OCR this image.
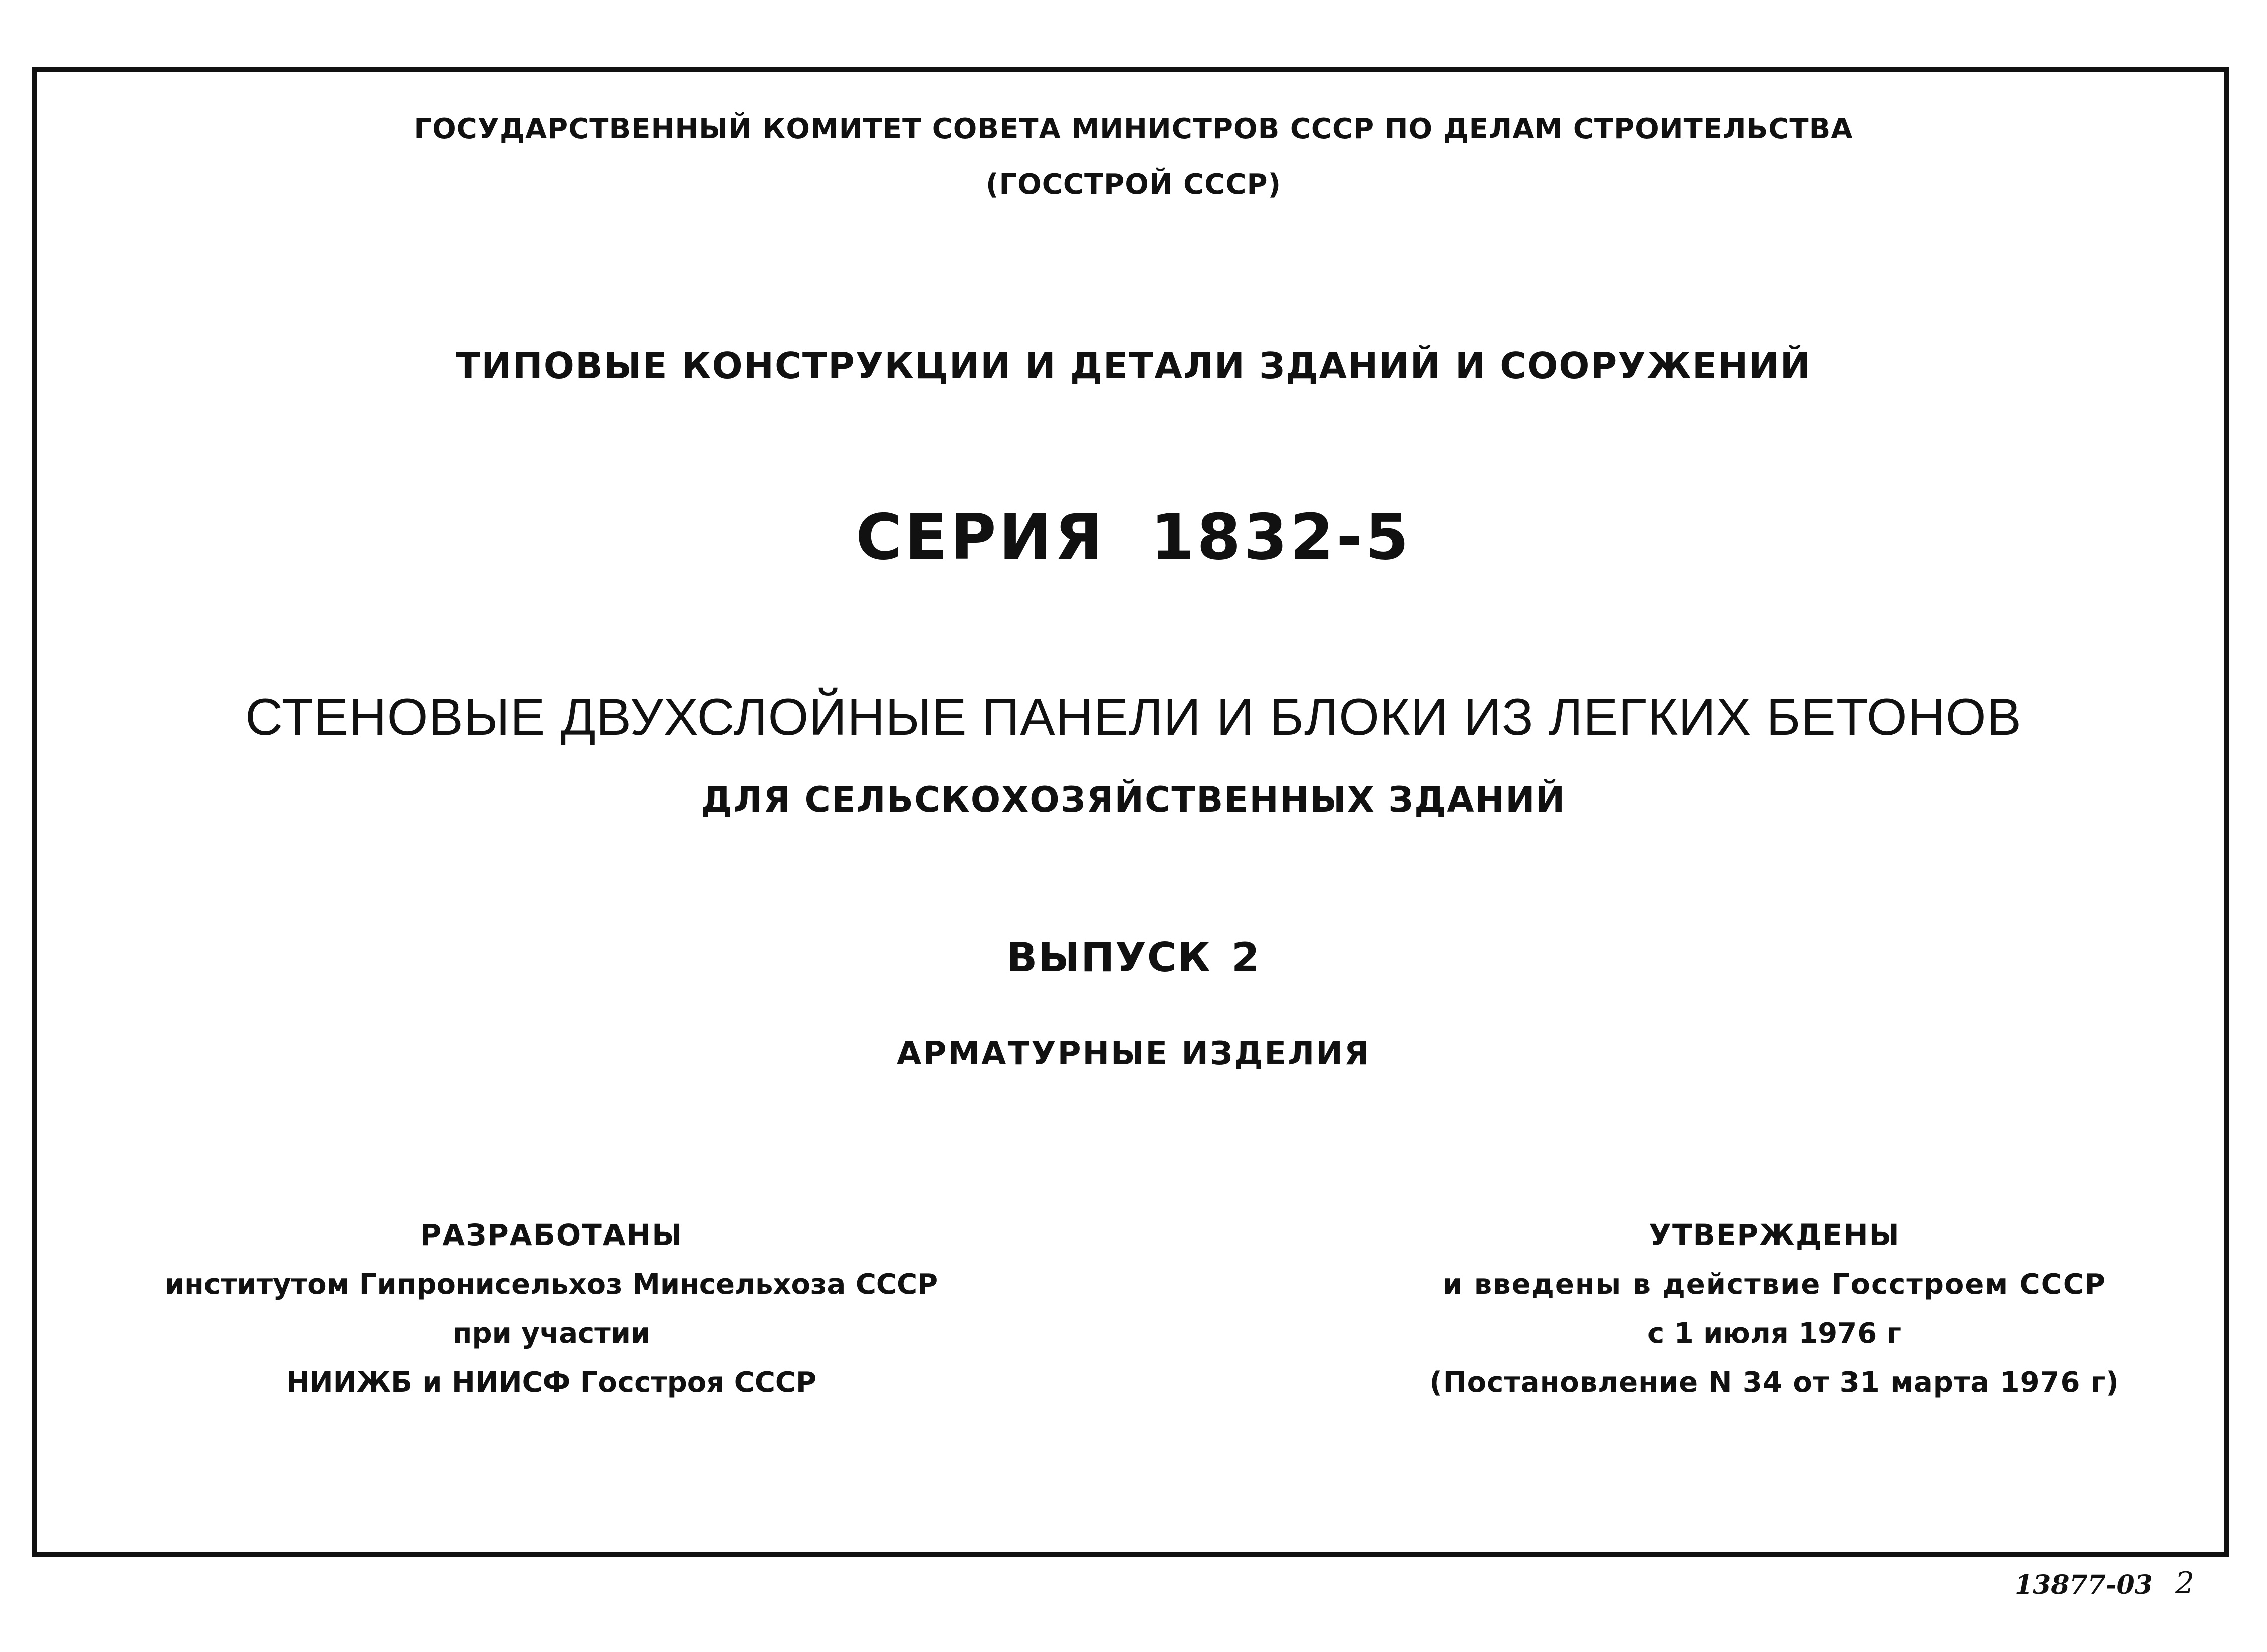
ГОСУДАРСТВЕННЫЙ КОМИТЕТ СОВЕТА МИНИСТРОВ СССР ПО ДЕЛАМ СТРОИТЕЛЬСТВА
(ГОССТРОЙ СССР)
ТИПОВЫЕ КОНСТРУКЦИИ И ДЕТАЛИ ЗДАНИЙ И СООРУЖЕНИЙ
СЕРИЯ 1832-5
СТЕНОВЫЕ ДВУХСЛОЙНЫЕ ПАНЕЛИ И БЛОКИ ИЗ ЛЕГКИХ БЕТОНОВ
ДЛЯ СЕЛЬСКОХОЗЯЙСТВЕННЫХ ЗДАНИЙ
ВЫПУСК 2
АРМАТУРНЫЕ ИЗДЕЛИЯ
РАЗРАБОТАНЫ
институтом Гипронисельхоз Минсельхоза СССР
при участии
НИИЖБ и НИИСФ Госстроя СССР
УТВЕРЖДЕНЫ
и введены в действие Госстроем СССР
с 1 июля 1976 г
(Постановление N 34 от 31 марта 1976 г)
13877-03 2
